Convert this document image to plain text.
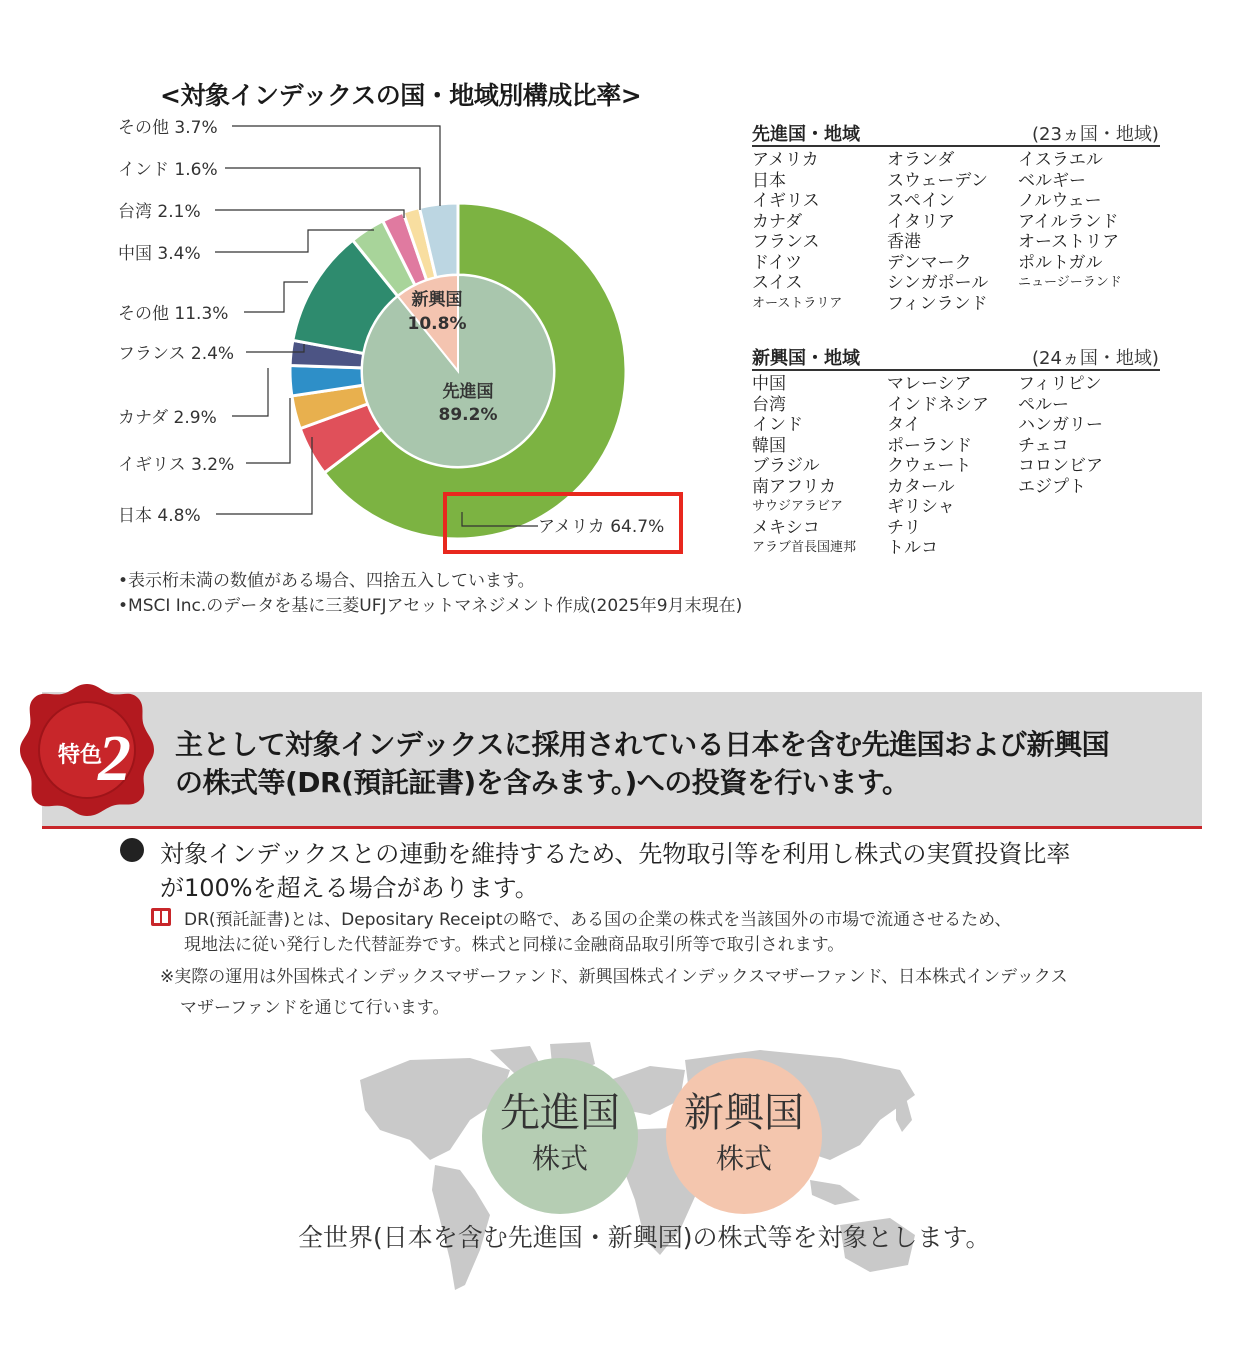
<対象インデックスの国・地域別構成比率>
新興国
10.8%
先進国
89.2%
アメリカ 64.7%
日本 4.8%
イギリス 3.2%
カナダ 2.9%
フランス 2.4%
その他 11.3%
中国 3.4%
台湾 2.1%
インド 1.6%
その他 3.7%
•表示桁未満の数値がある場合、四捨五入しています。
•MSCI Inc.のデータを基に三菱UFJアセットマネジメント作成(2025年9月末現在)
先進国・地域	(23ヵ国・地域)
アメリカ
日本
イギリス
カナダ
フランス
ドイツ
スイス
オーストラリア
オランダ
スウェーデン
スペイン
イタリア
香港
デンマーク
シンガポール
フィンランド
イスラエル
ベルギー
ノルウェー
アイルランド
オーストリア
ポルトガル
ニュージーランド
新興国・地域	(24ヵ国・地域)
中国
台湾
インド
韓国
ブラジル
南アフリカ
サウジアラビア
メキシコ
アラブ首長国連邦
マレーシア
インドネシア
タイ
ポーランド
クウェート
カタール
ギリシャ
チリ
トルコ
フィリピン
ペルー
ハンガリー
チェコ
コロンビア
エジプト
特色
2 主として対象インデックスに採用されている日本を含む先進国および新興国
の株式等(DR(預託証書)を含みます。)への投資を行います。
対象インデックスとの連動を維持するため、先物取引等を利用し株式の実質投資比率
が100%を超える場合があります。
DR(預託証書)とは、Depositary Receiptの略で、ある国の企業の株式を当該国外の市場で流通させるため、
現地法に従い発行した代替証券です。株式と同様に金融商品取引所等で取引されます。
※実際の運用は外国株式インデックスマザーファンド、新興国株式インデックスマザーファンド、日本株式インデックス
マザーファンドを通じて行います。
先進国
株式
新興国
株式
全世界(日本を含む先進国・新興国)の株式等を対象とします。
